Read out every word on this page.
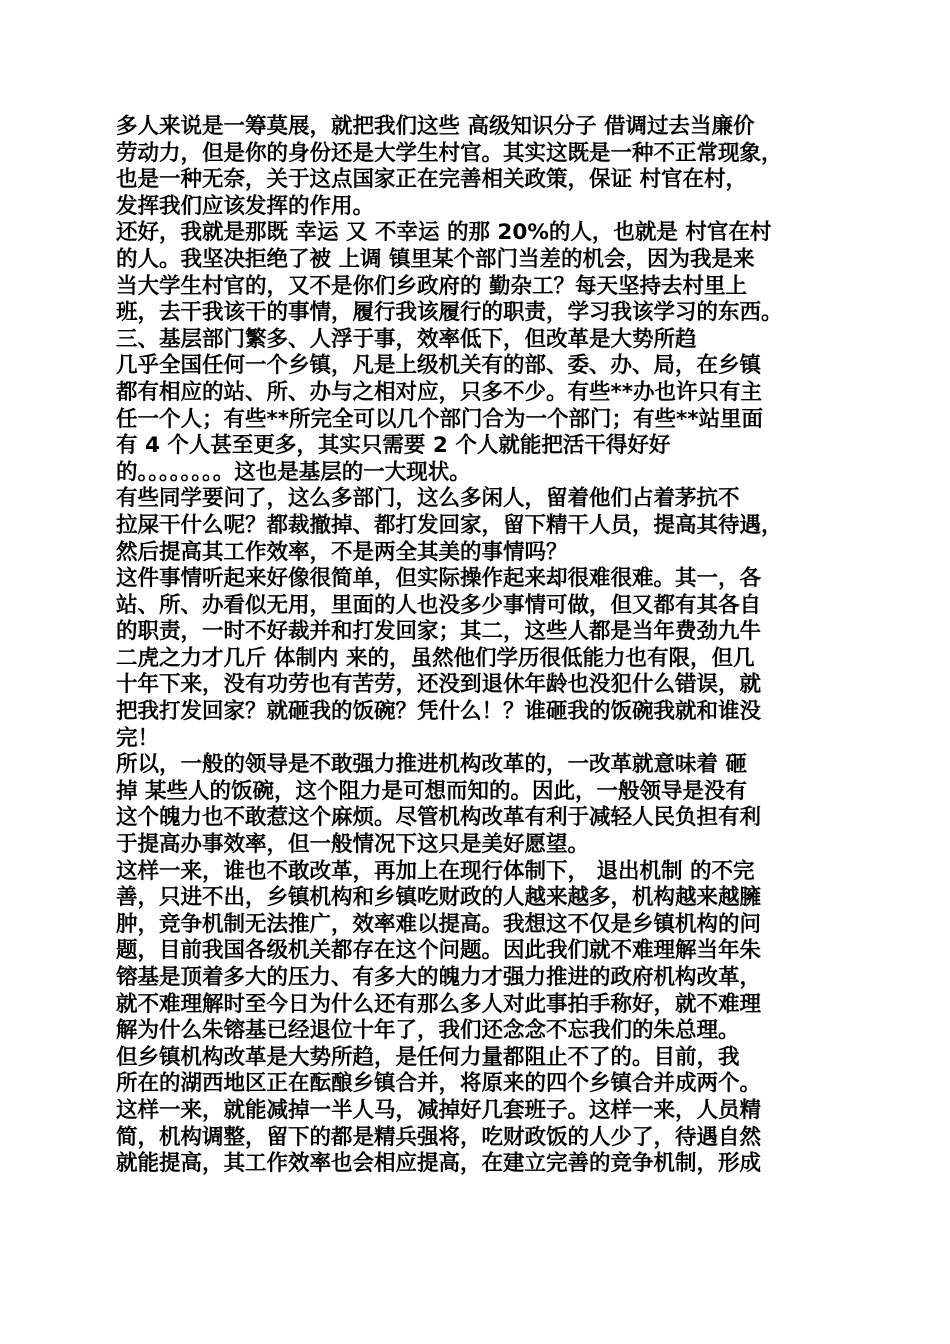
多人来说是一筹莫展，就把我们这些 高级知识分子 借调过去当廉价
劳动力，但是你的身份还是大学生村官。其实这既是一种不正常现象，
也是一种无奈，关于这点国家正在完善相关政策，保证 村官在村，
发挥我们应该发挥的作用。
还好，我就是那既 幸运 又 不幸运 的那 20%的人，也就是 村官在村
的人。我坚决拒绝了被 上调 镇里某个部门当差的机会，因为我是来
当大学生村官的，又不是你们乡政府的 勤杂工？每天坚持去村里上
班，去干我该干的事情，履行我该履行的职责，学习我该学习的东西。
三、基层部门繁多、人浮于事，效率低下，但改革是大势所趋
几乎全国任何一个乡镇，凡是上级机关有的部、委、办、局，在乡镇
都有相应的站、所、办与之相对应，只多不少。有些**办也许只有主
任一个人；有些**所完全可以几个部门合为一个部门；有些**站里面
有 4 个人甚至更多，其实只需要 2 个人就能把活干得好好
的。。。。。。。。这也是基层的一大现状。
有些同学要问了，这么多部门，这么多闲人，留着他们占着茅抗不
拉屎干什么呢？都裁撤掉、都打发回家，留下精干人员，提高其待遇，
然后提高其工作效率，不是两全其美的事情吗？
这件事情听起来好像很简单，但实际操作起来却很难很难。其一，各
站、所、办看似无用，里面的人也没多少事情可做，但又都有其各自
的职责，一时不好裁并和打发回家；其二，这些人都是当年费劲九牛
二虎之力才几斤 体制内 来的，虽然他们学历很低能力也有限，但几
十年下来，没有功劳也有苦劳，还没到退休年龄也没犯什么错误，就
把我打发回家？就砸我的饭碗？凭什么！？谁砸我的饭碗我就和谁没
完！
所以，一般的领导是不敢强力推进机构改革的，一改革就意味着 砸
掉 某些人的饭碗，这个阻力是可想而知的。因此，一般领导是没有
这个魄力也不敢惹这个麻烦。尽管机构改革有利于减轻人民负担有利
于提高办事效率，但一般情况下这只是美好愿望。
这样一来，谁也不敢改革，再加上在现行体制下， 退出机制 的不完
善，只进不出，乡镇机构和乡镇吃财政的人越来越多，机构越来越臃
肿，竞争机制无法推广，效率难以提高。我想这不仅是乡镇机构的问
题，目前我国各级机关都存在这个问题。因此我们就不难理解当年朱
镕基是顶着多大的压力、有多大的魄力才强力推进的政府机构改革，
就不难理解时至今日为什么还有那么多人对此事拍手称好，就不难理
解为什么朱镕基已经退位十年了，我们还念念不忘我们的朱总理。
但乡镇机构改革是大势所趋，是任何力量都阻止不了的。目前，我
所在的湖西地区正在酝酿乡镇合并，将原来的四个乡镇合并成两个。
这样一来，就能减掉一半人马，减掉好几套班子。这样一来，人员精
简，机构调整，留下的都是精兵强将，吃财政饭的人少了，待遇自然
就能提高，其工作效率也会相应提高，在建立完善的竞争机制，形成
